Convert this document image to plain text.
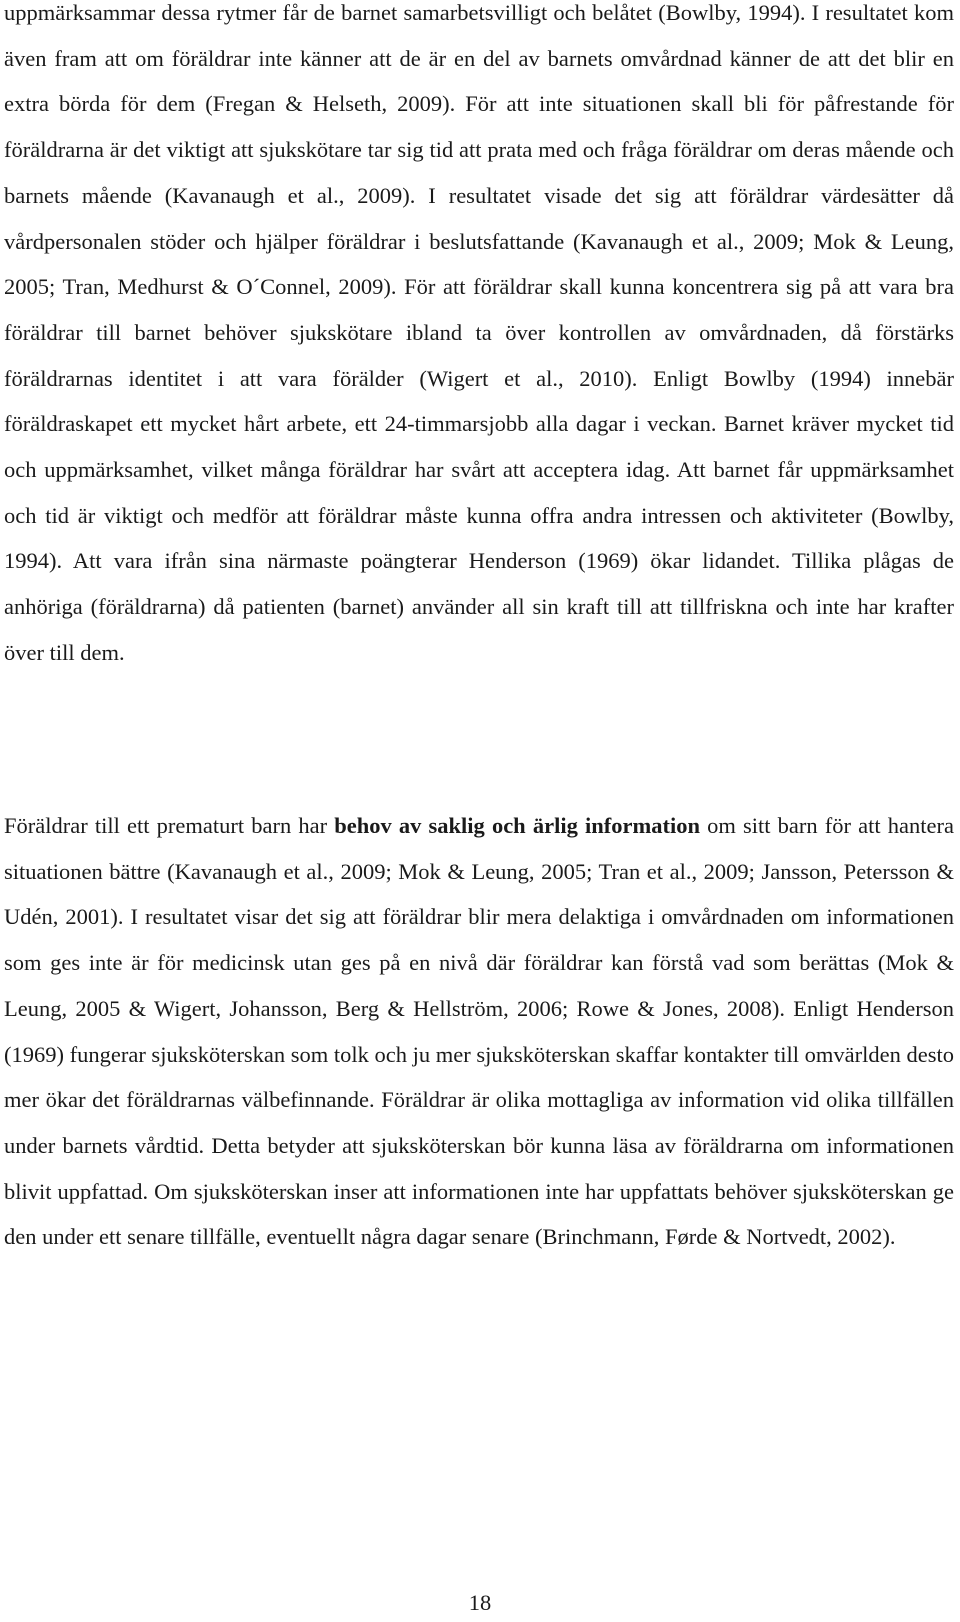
uppmärksammar dessa rytmer får de barnet samarbetsvilligt och belåtet (Bowlby, 1994). I resultatet kom även fram att om föräldrar inte känner att de är en del av barnets omvårdnad känner de att det blir en extra börda för dem (Fregan & Helseth, 2009). För att inte situationen skall bli för påfrestande för föräldrarna är det viktigt att sjukskötare tar sig tid att prata med och fråga föräldrar om deras mående och barnets mående (Kavanaugh et al., 2009). I resultatet visade det sig att föräldrar värdesätter då vårdpersonalen stöder och hjälper föräldrar i beslutsfattande (Kavanaugh et al., 2009; Mok & Leung, 2005; Tran, Medhurst & O´Connel, 2009). För att föräldrar skall kunna koncentrera sig på att vara bra föräldrar till barnet behöver sjukskötare ibland ta över kontrollen av omvårdnaden, då förstärks föräldrarnas identitet i att vara förälder (Wigert et al., 2010). Enligt Bowlby (1994) innebär föräldraskapet ett mycket hårt arbete, ett 24-timmarsjobb alla dagar i veckan. Barnet kräver mycket tid och uppmärksamhet, vilket många föräldrar har svårt att acceptera idag. Att barnet får uppmärksamhet och tid är viktigt och medför att föräldrar måste kunna offra andra intressen och aktiviteter (Bowlby, 1994). Att vara ifrån sina närmaste poängterar Henderson (1969) ökar lidandet. Tillika plågas de anhöriga (föräldrarna) då patienten (barnet) använder all sin kraft till att tillfriskna och inte har krafter över till dem.

Föräldrar till ett prematurt barn har behov av saklig och ärlig information om sitt barn för att hantera situationen bättre (Kavanaugh et al., 2009; Mok & Leung, 2005; Tran et al., 2009; Jansson, Petersson & Udén, 2001). I resultatet visar det sig att föräldrar blir mera delaktiga i omvårdnaden om informationen som ges inte är för medicinsk utan ges på en nivå där föräldrar kan förstå vad som berättas (Mok & Leung, 2005 & Wigert, Johansson, Berg & Hellström, 2006; Rowe & Jones, 2008). Enligt Henderson (1969) fungerar sjuksköterskan som tolk och ju mer sjuksköterskan skaffar kontakter till omvärlden desto mer ökar det föräldrarnas välbefinnande. Föräldrar är olika mottagliga av information vid olika tillfällen under barnets vårdtid. Detta betyder att sjuksköterskan bör kunna läsa av föräldrarna om informationen blivit uppfattad. Om sjuksköterskan inser att informationen inte har uppfattats behöver sjuksköterskan ge den under ett senare tillfälle, eventuellt några dagar senare (Brinchmann, Førde & Nortvedt, 2002).

18
